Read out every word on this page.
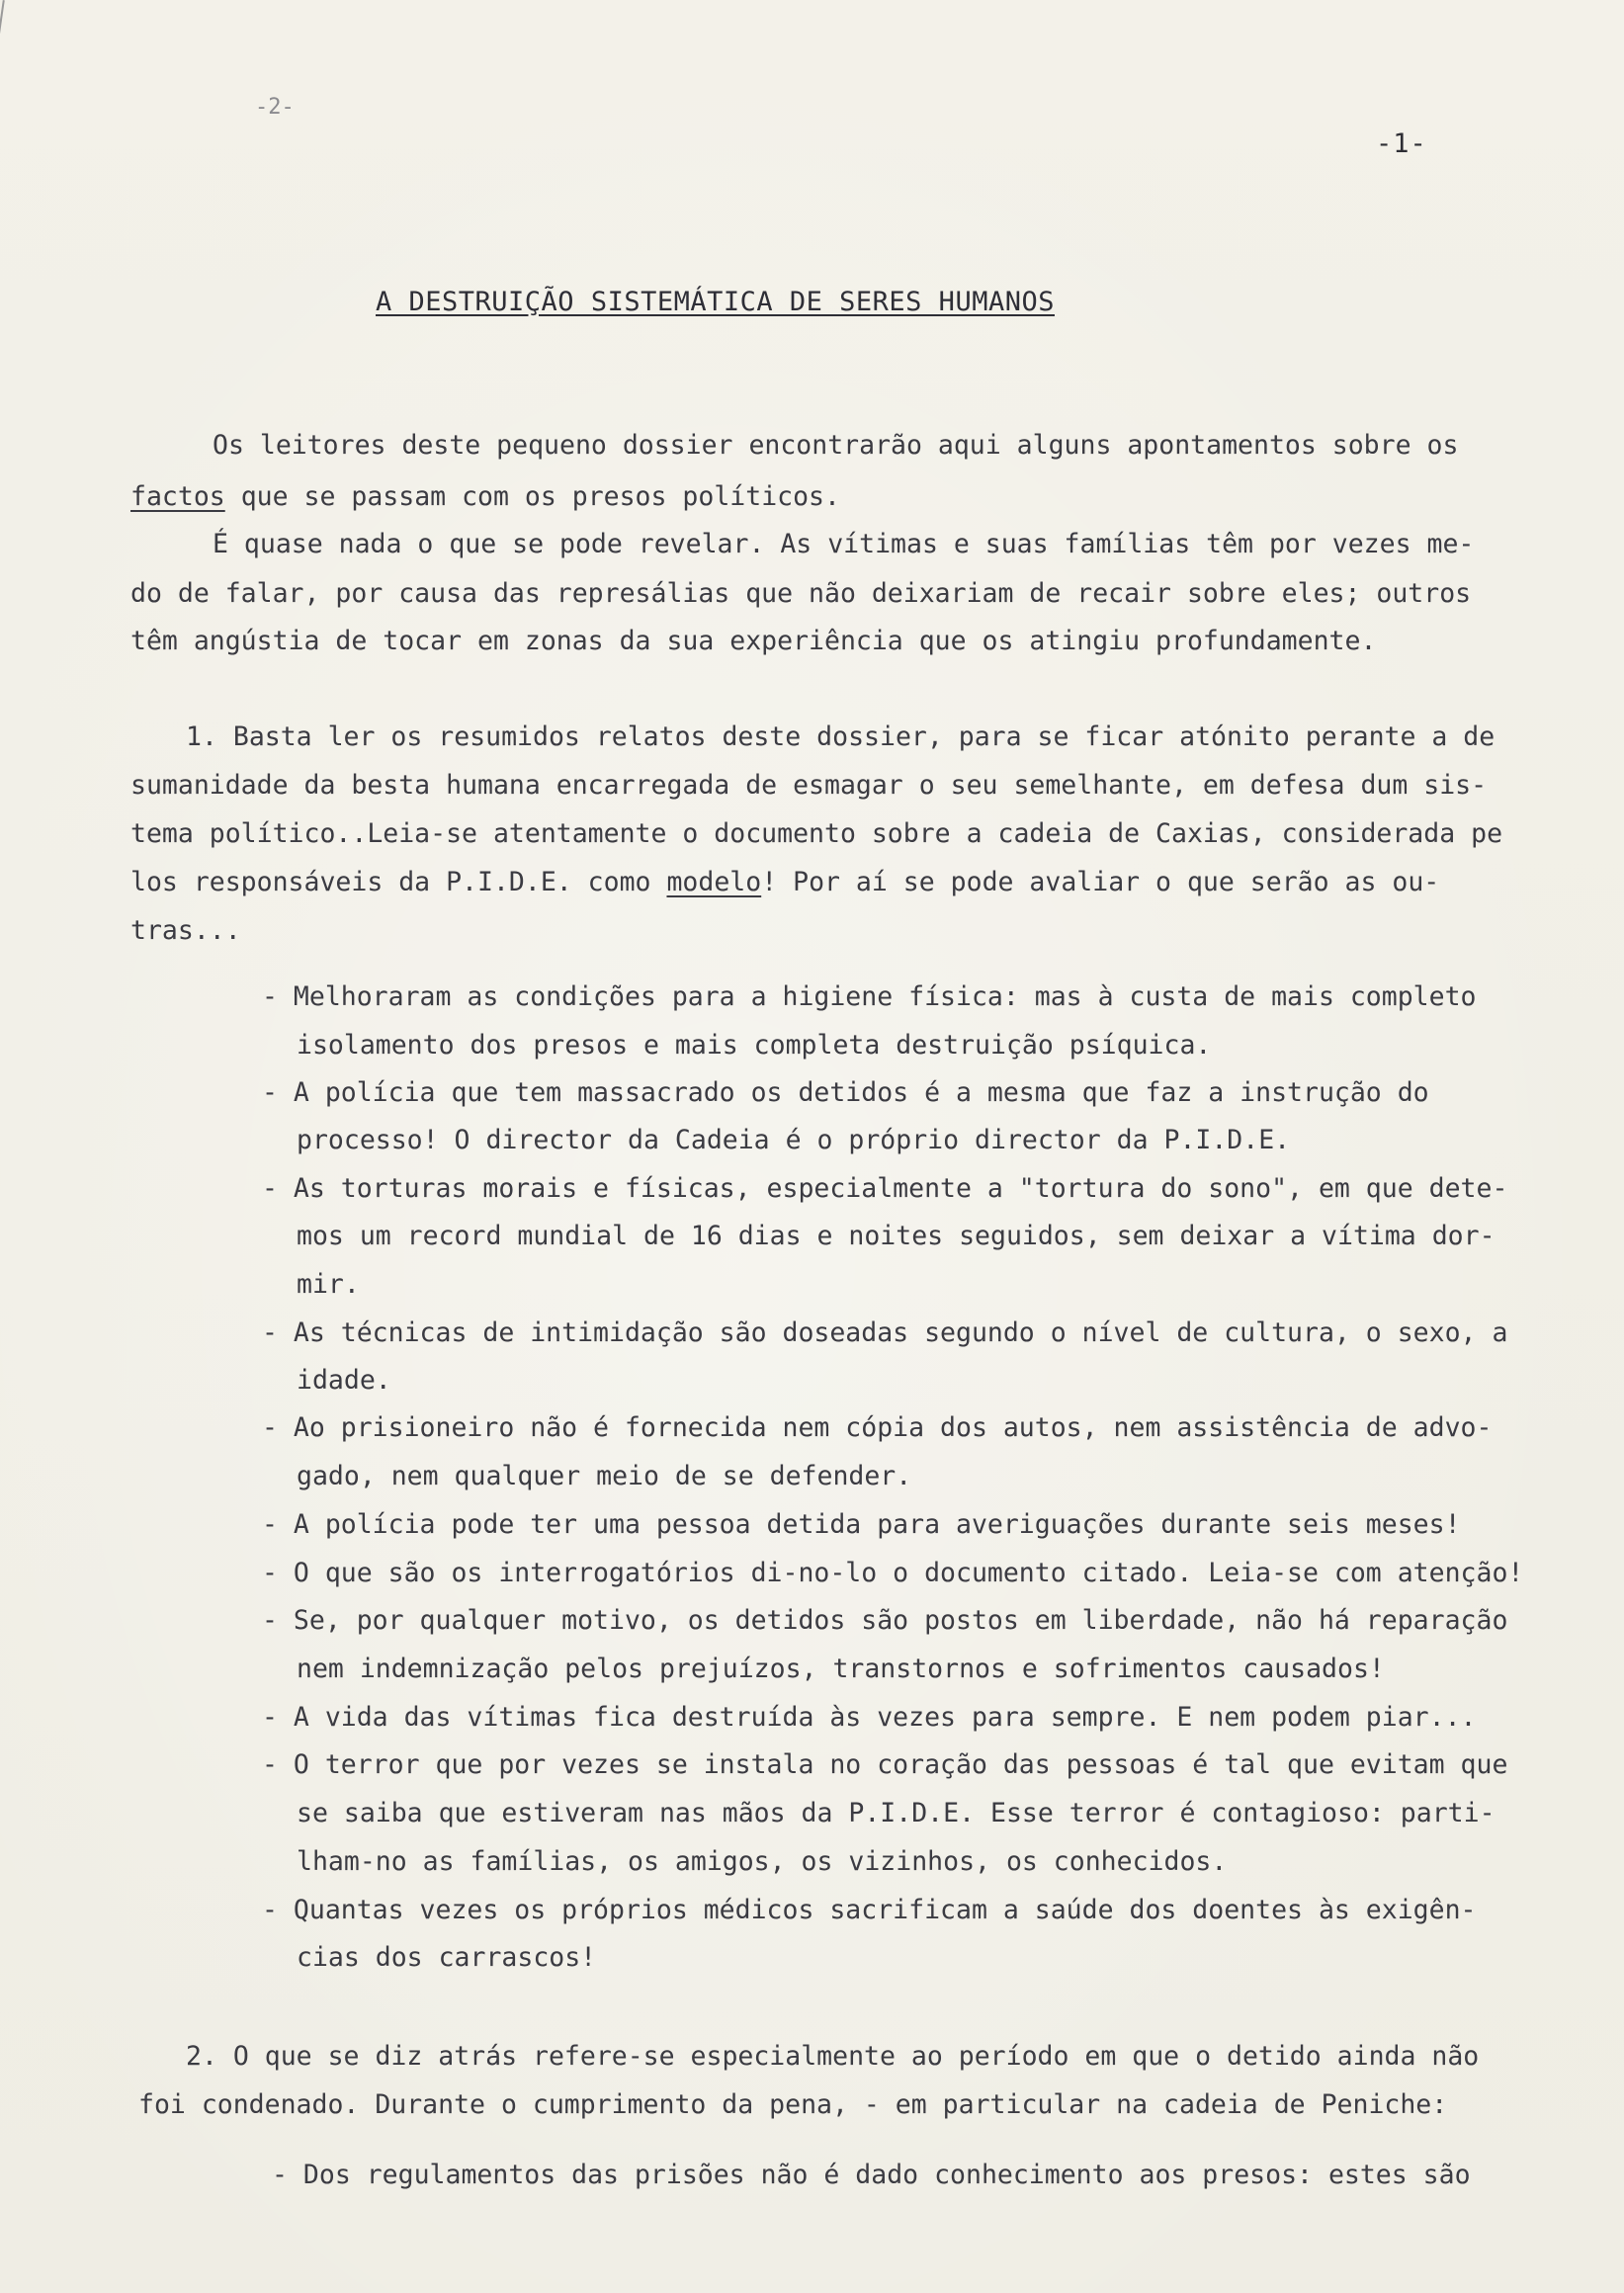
-2-
-1-
A DESTRUIÇÃO SISTEMÁTICA DE SERES HUMANOS
Os leitores deste pequeno dossier encontrarão aqui alguns apontamentos sobre os
factos que se passam com os presos políticos.
É quase nada o que se pode revelar. As vítimas e suas famílias têm por vezes me-
do de falar, por causa das represálias que não deixariam de recair sobre eles; outros
têm angústia de tocar em zonas da sua experiência que os atingiu profundamente.
1. Basta ler os resumidos relatos deste dossier, para se ficar atónito perante a de
sumanidade da besta humana encarregada de esmagar o seu semelhante, em defesa dum sis-
tema político..Leia-se atentamente o documento sobre a cadeia de Caxias, considerada pe
los responsáveis da P.I.D.E. como modelo! Por aí se pode avaliar o que serão as ou-
tras...
- Melhoraram as condições para a higiene física: mas à custa de mais completo
isolamento dos presos e mais completa destruição psíquica.
- A polícia que tem massacrado os detidos é a mesma que faz a instrução do
processo! O director da Cadeia é o próprio director da P.I.D.E.
- As torturas morais e físicas, especialmente a "tortura do sono", em que dete-
mos um record mundial de 16 dias e noites seguidos, sem deixar a vítima dor-
mir.
- As técnicas de intimidação são doseadas segundo o nível de cultura, o sexo, a
idade.
- Ao prisioneiro não é fornecida nem cópia dos autos, nem assistência de advo-
gado, nem qualquer meio de se defender.
- A polícia pode ter uma pessoa detida para averiguações durante seis meses!
- O que são os interrogatórios di-no-lo o documento citado. Leia-se com atenção!
- Se, por qualquer motivo, os detidos são postos em liberdade, não há reparação
nem indemnização pelos prejuízos, transtornos e sofrimentos causados!
- A vida das vítimas fica destruída às vezes para sempre. E nem podem piar...
- O terror que por vezes se instala no coração das pessoas é tal que evitam que
se saiba que estiveram nas mãos da P.I.D.E. Esse terror é contagioso: parti-
lham-no as famílias, os amigos, os vizinhos, os conhecidos.
- Quantas vezes os próprios médicos sacrificam a saúde dos doentes às exigên-
cias dos carrascos!
2. O que se diz atrás refere-se especialmente ao período em que o detido ainda não
foi condenado. Durante o cumprimento da pena, - em particular na cadeia de Peniche:
- Dos regulamentos das prisões não é dado conhecimento aos presos: estes são
